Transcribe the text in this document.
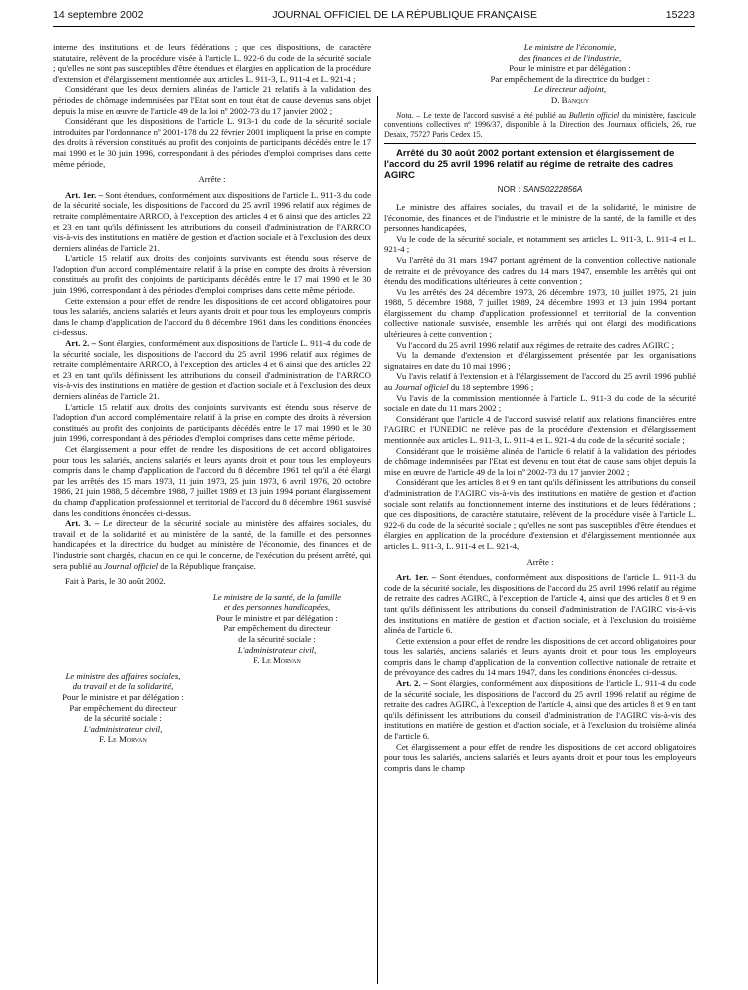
14 septembre 2002	JOURNAL OFFICIEL DE LA RÉPUBLIQUE FRANÇAISE	15223

interne des institutions et de leurs fédérations ; que ces dispositions, de caractère statutaire, relèvent de la procédure visée à l'article L. 922-6 du code de la sécurité sociale ; qu'elles ne sont pas susceptibles d'être étendues et élargies en application de la procédure d'extension et d'élargissement mentionnée aux articles L. 911-3, L. 911-4 et L. 921-4 ;

Considérant que les deux derniers alinéas de l'article 21 relatifs à la validation des périodes de chômage indemnisées par l'Etat sont en tout état de cause devenus sans objet depuis la mise en œuvre de l'article 49 de la loi nº 2002-73 du 17 janvier 2002 ;

Considérant que les dispositions de l'article L. 913-1 du code de la sécurité sociale introduites par l'ordonnance nº 2001-178 du 22 février 2001 impliquent la prise en compte des droits à réversion constitués au profit des conjoints de participants décédés entre le 17 mai 1990 et le 30 juin 1996, correspondant à des périodes d'emploi comprises dans cette même période,

Arrête :

Art. 1er. – Sont étendues, conformément aux dispositions de l'article L. 911-3 du code de la sécurité sociale, les dispositions de l'accord du 25 avril 1996 relatif aux régimes de retraite complémentaire ARRCO, à l'exception des articles 4 et 6 ainsi que des articles 22 et 23 en tant qu'ils définissent les attributions du conseil d'administration de l'ARRCO vis-à-vis des institutions en matière de gestion et d'action sociale et à l'exclusion des deux derniers alinéas de l'article 21.

L'article 15 relatif aux droits des conjoints survivants est étendu sous réserve de l'adoption d'un accord complémentaire relatif à la prise en compte des droits à réversion constitués au profit des conjoints de participants décédés entre le 17 mai 1990 et le 30 juin 1996, correspondant à des périodes d'emploi comprises dans cette même période.

Cette extension a pour effet de rendre les dispositions de cet accord obligatoires pour tous les salariés, anciens salariés et leurs ayants droit et pour tous les employeurs compris dans le champ d'application de l'accord du 8 décembre 1961 dans les conditions énoncées ci-dessus.

Art. 2. – Sont élargies, conformément aux dispositions de l'article L. 911-4 du code de la sécurité sociale, les dispositions de l'accord du 25 avril 1996 relatif aux régimes de retraite complémentaire ARRCO, à l'exception des articles 4 et 6 ainsi que des articles 22 et 23 en tant qu'ils définissent les attributions du conseil d'administration de l'ARRCO vis-à-vis des institutions en matière de gestion et d'action sociale et à l'exclusion des deux derniers alinéas de l'article 21.

L'article 15 relatif aux droits des conjoints survivants est étendu sous réserve de l'adoption d'un accord complémentaire relatif à la prise en compte des droits à réversion constitués au profit des conjoints de participants décédés entre le 17 mai 1990 et le 30 juin 1996, correspondant à des périodes d'emploi comprises dans cette même période.

Cet élargissement a pour effet de rendre les dispositions de cet accord obligatoires pour tous les salariés, anciens salariés et leurs ayants droit et pour tous les employeurs compris dans le champ d'application de l'accord du 8 décembre 1961 tel qu'il a été élargi par les arrêtés des 15 mars 1973, 11 juin 1973, 25 juin 1973, 6 avril 1976, 20 octobre 1986, 21 juin 1988, 5 décembre 1988, 7 juillet 1989 et 13 juin 1994 portant élargissement du champ d'application professionnel et territorial de l'accord du 8 décembre 1961 susvisé dans les conditions énoncées ci-dessus.

Art. 3. – Le directeur de la sécurité sociale au ministère des affaires sociales, du travail et de la solidarité et au ministère de la santé, de la famille et des personnes handicapées et la directrice du budget au ministère de l'économie, des finances et de l'industrie sont chargés, chacun en ce qui le concerne, de l'exécution du présent arrêté, qui sera publié au Journal officiel de la République française.

Fait à Paris, le 30 août 2002.

Le ministre de la santé, de la famille
et des personnes handicapées,
Pour le ministre et par délégation :
Par empêchement du directeur
de la sécurité sociale :
L'administrateur civil,
F. Le Morvan
Le ministre des affaires sociales,
du travail et de la solidarité,
Pour le ministre et par délégation :
Par empêchement du directeur
de la sécurité sociale :
L'administrateur civil,
F. Le Morvan
Le ministre de l'économie,
des finances et de l'industrie,
Pour le ministre et par délégation :
Par empêchement de la directrice du budget :
Le directeur adjoint,
D. Banquy

Nota. – Le texte de l'accord susvisé a été publié au Bulletin officiel du ministère, fascicule conventions collectives nº 1996/37, disponible à la Direction des Journaux officiels, 26, rue Desaix, 75727 Paris Cedex 15.

Arrêté du 30 août 2002 portant extension et élargissement de l'accord du 25 avril 1996 relatif au régime de retraite des cadres AGIRC

NOR : SANS0222856A

Le ministre des affaires sociales, du travail et de la solidarité, le ministre de l'économie, des finances et de l'industrie et le ministre de la santé, de la famille et des personnes handicapées,

Vu le code de la sécurité sociale, et notamment ses articles L. 911-3, L. 911-4 et L. 921-4 ;

Vu l'arrêté du 31 mars 1947 portant agrément de la convention collective nationale de retraite et de prévoyance des cadres du 14 mars 1947, ensemble les arrêtés qui ont étendu des modifications ultérieures à cette convention ;

Vu les arrêtés des 24 décembre 1973, 26 décembre 1973, 10 juillet 1975, 21 juin 1988, 5 décembre 1988, 7 juillet 1989, 24 décembre 1993 et 13 juin 1994 portant élargissement du champ d'application professionnel et territorial de la convention collective nationale susvisée, ensemble les arrêtés qui ont élargi des modifications ultérieures à cette convention ;

Vu l'accord du 25 avril 1996 relatif aux régimes de retraite des cadres AGIRC ;

Vu la demande d'extension et d'élargissement présentée par les organisations signataires en date du 10 mai 1996 ;

Vu l'avis relatif à l'extension et à l'élargissement de l'accord du 25 avril 1996 publié au Journal officiel du 18 septembre 1996 ;

Vu l'avis de la commission mentionnée à l'article L. 911-3 du code de la sécurité sociale en date du 11 mars 2002 ;

Considérant que l'article 4 de l'accord susvisé relatif aux relations financières entre l'AGIRC et l'UNEDIC ne relève pas de la procédure d'extension et d'élargissement mentionnée aux articles L. 911-3, L. 911-4 et L. 921-4 du code de la sécurité sociale ;

Considérant que le troisième alinéa de l'article 6 relatif à la validation des périodes de chômage indemnisées par l'Etat est devenu en tout état de cause sans objet depuis la mise en œuvre de l'article 49 de la loi nº 2002-73 du 17 janvier 2002 ;

Considérant que les articles 8 et 9 en tant qu'ils définissent les attributions du conseil d'administration de l'AGIRC vis-à-vis des institutions en matière de gestion et d'action sociale sont relatifs au fonctionnement interne des institutions et de leurs fédérations ; que ces dispositions, de caractère statutaire, relèvent de la procédure visée à l'article L. 922-6 du code de la sécurité sociale ; qu'elles ne sont pas susceptibles d'être étendues et élargies en application de la procédure d'extension et d'élargissement mentionnée aux articles L. 911-3, L. 911-4 et L. 921-4,

Arrête :

Art. 1er. – Sont étendues, conformément aux dispositions de l'article L. 911-3 du code de la sécurité sociale, les dispositions de l'accord du 25 avril 1996 relatif au régime de retraite des cadres AGIRC, à l'exception de l'article 4, ainsi que des articles 8 et 9 en tant qu'ils définissent les attributions du conseil d'administration de l'AGIRC vis-à-vis des institutions en matière de gestion et d'action sociale, et à l'exclusion du troisième alinéa de l'article 6.

Cette extension a pour effet de rendre les dispositions de cet accord obligatoires pour tous les salariés, anciens salariés et leurs ayants droit et pour tous les employeurs compris dans le champ d'application de la convention collective nationale de retraite et de prévoyance des cadres du 14 mars 1947, dans les conditions énoncées ci-dessus.

Art. 2. – Sont élargies, conformément aux dispositions de l'article L. 911-4 du code de la sécurité sociale, les dispositions de l'accord du 25 avril 1996 relatif au régime de retraite des cadres AGIRC, à l'exception de l'article 4, ainsi que des articles 8 et 9 en tant qu'ils définissent les attributions du conseil d'administration de l'AGIRC vis-à-vis des institutions en matière de gestion et d'action sociale, et à l'exclusion du troisième alinéa de l'article 6.

Cet élargissement a pour effet de rendre les dispositions de cet accord obligatoires pour tous les salariés, anciens salariés et leurs ayants droit et pour tous les employeurs compris dans le champ
